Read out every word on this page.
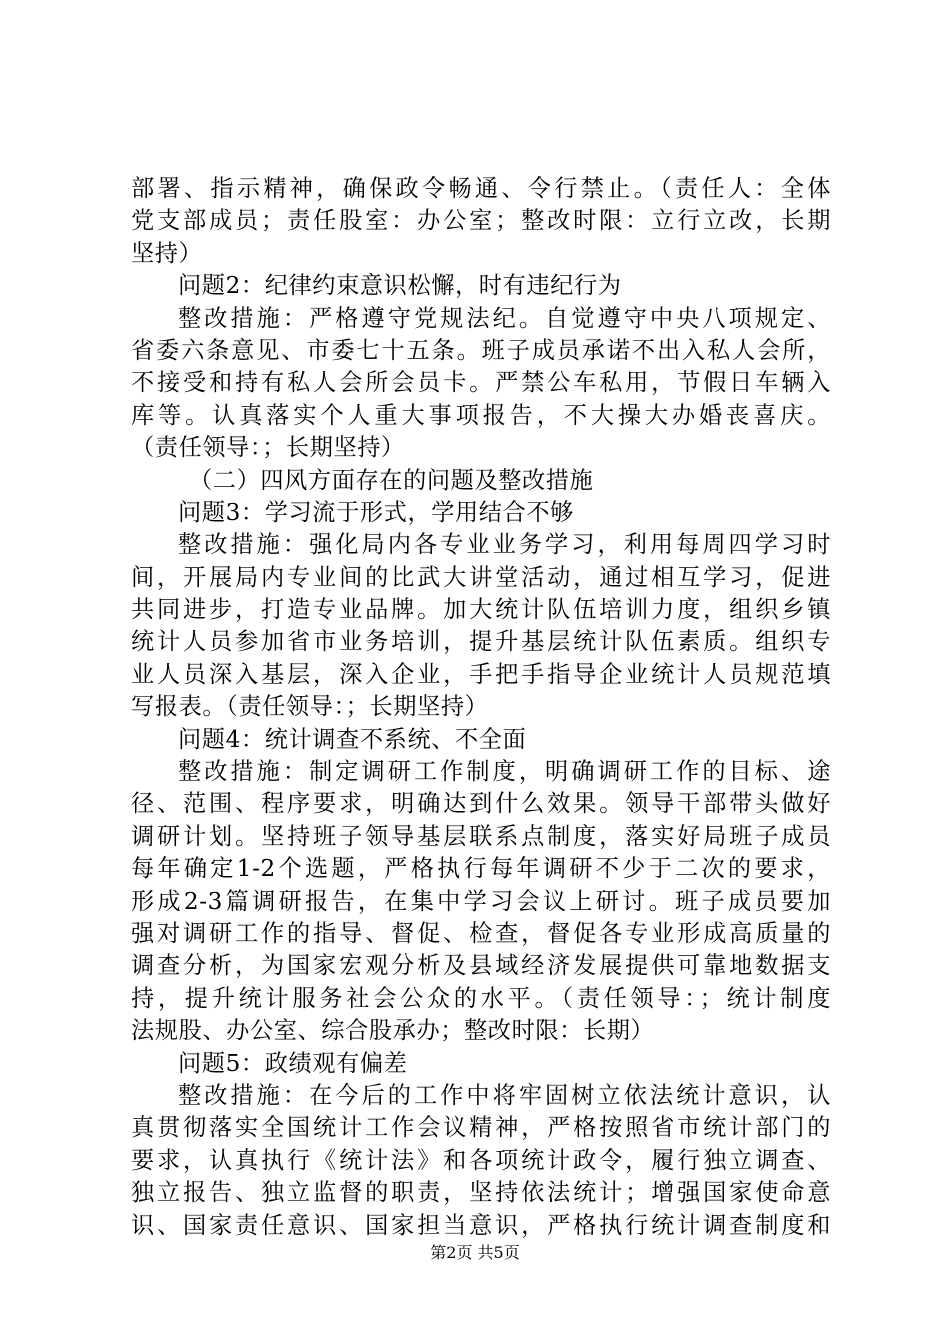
部署、指示精神，确保政令畅通、令行禁止。（责任人：全体
党支部成员；责任股室：办公室；整改时限：立行立改，长期
坚持）
问题2：纪律约束意识松懈，时有违纪行为
整改措施：严格遵守党规法纪。自觉遵守中央八项规定、
省委六条意见、市委七十五条。班子成员承诺不出入私人会所，
不接受和持有私人会所会员卡。严禁公车私用，节假日车辆入
库等。认真落实个人重大事项报告，不大操大办婚丧喜庆。
（责任领导：；长期坚持）
（二）四风方面存在的问题及整改措施
问题3：学习流于形式，学用结合不够
整改措施：强化局内各专业业务学习，利用每周四学习时
间，开展局内专业间的比武大讲堂活动，通过相互学习，促进
共同进步，打造专业品牌。加大统计队伍培训力度，组织乡镇
统计人员参加省市业务培训，提升基层统计队伍素质。组织专
业人员深入基层，深入企业，手把手指导企业统计人员规范填
写报表。（责任领导：；长期坚持）
问题4：统计调查不系统、不全面
整改措施：制定调研工作制度，明确调研工作的目标、途
径、范围、程序要求，明确达到什么效果。领导干部带头做好
调研计划。坚持班子领导基层联系点制度，落实好局班子成员
每年确定1-2个选题，严格执行每年调研不少于二次的要求，
形成2-3篇调研报告，在集中学习会议上研讨。班子成员要加
强对调研工作的指导、督促、检查，督促各专业形成高质量的
调查分析，为国家宏观分析及县域经济发展提供可靠地数据支
持，提升统计服务社会公众的水平。（责任领导：；统计制度
法规股、办公室、综合股承办；整改时限：长期）
问题5：政绩观有偏差
整改措施：在今后的工作中将牢固树立依法统计意识，认
真贯彻落实全国统计工作会议精神，严格按照省市统计部门的
要求，认真执行《统计法》和各项统计政令，履行独立调查、
独立报告、独立监督的职责，坚持依法统计；增强国家使命意
识、国家责任意识、国家担当意识，严格执行统计调查制度和
第2页 共5页
